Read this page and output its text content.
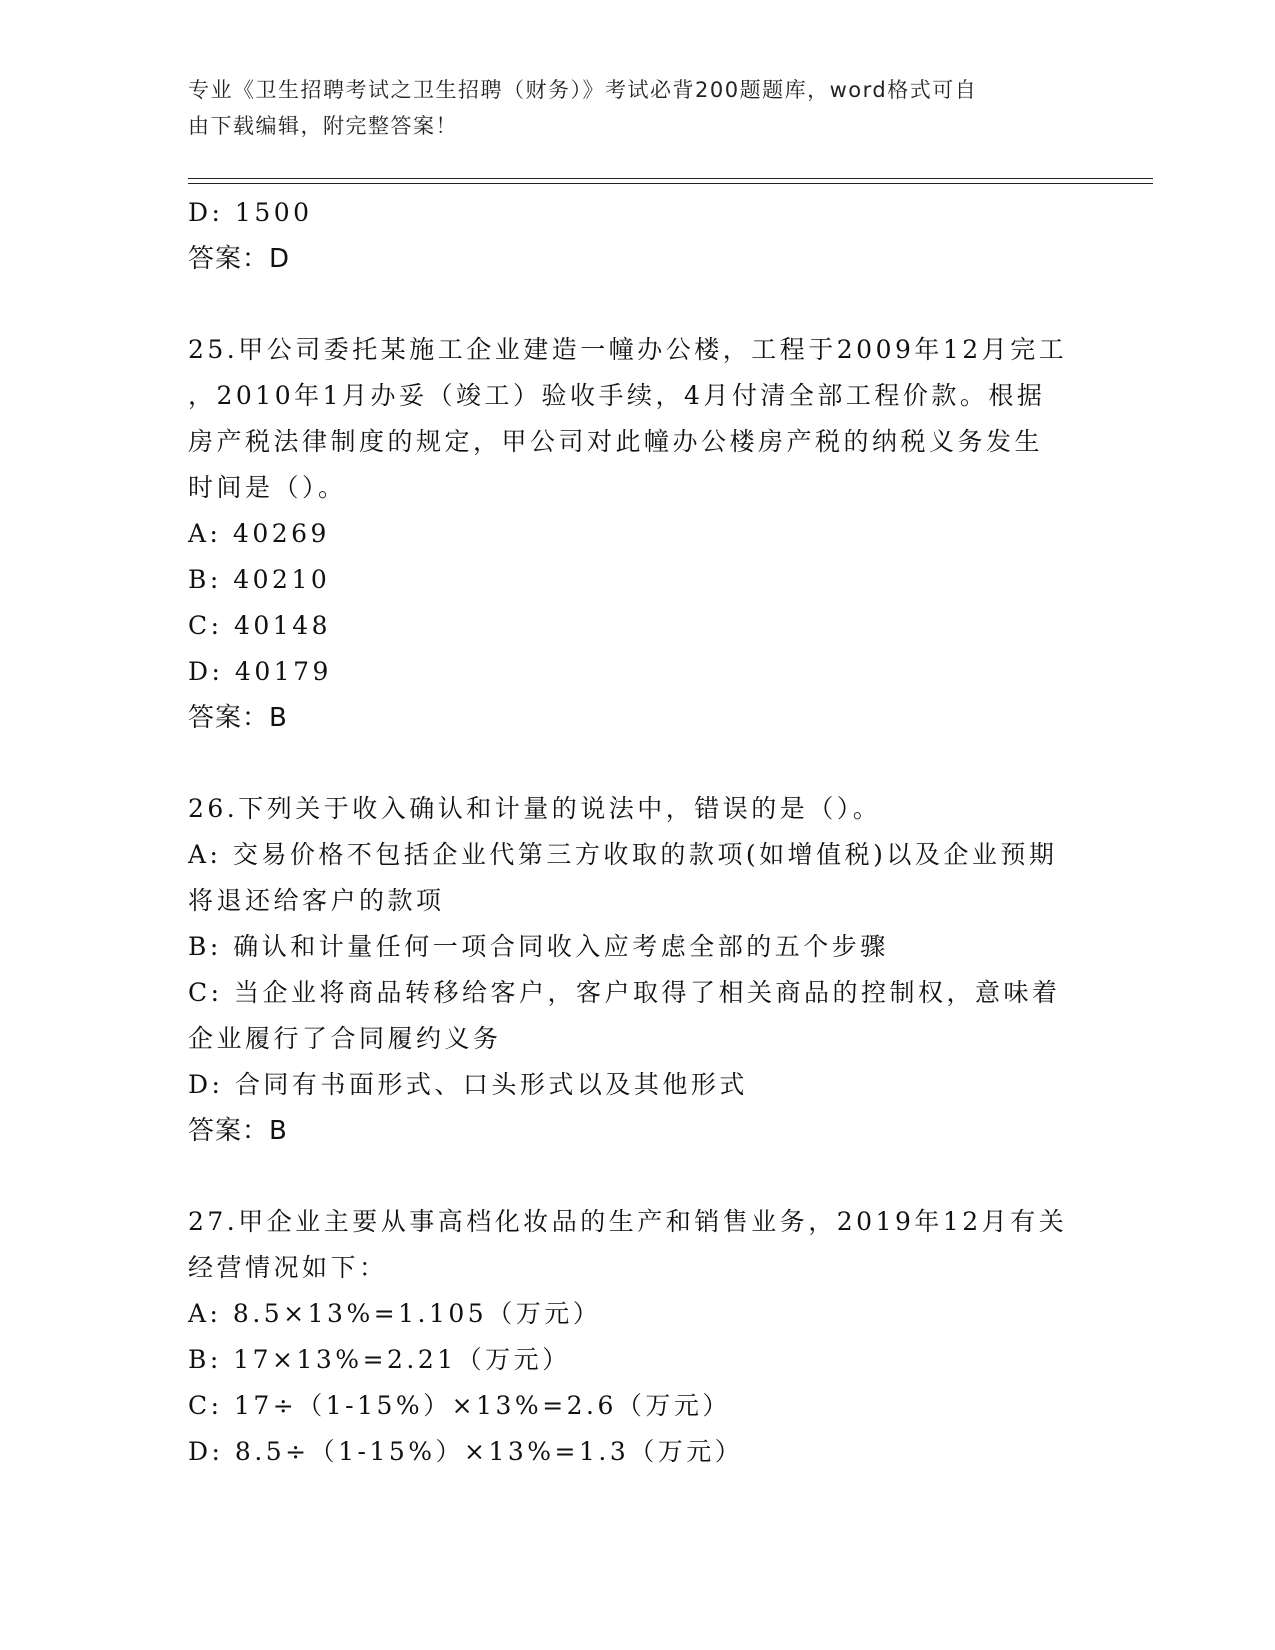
专业《卫生招聘考试之卫生招聘（财务）》考试必背200题题库，word格式可自
由下载编辑，附完整答案！
D: 1500
答案：D
25.甲公司委托某施工企业建造一幢办公楼，工程于2009年12月完工
，2010年1月办妥（竣工）验收手续，4月付清全部工程价款。根据
房产税法律制度的规定，甲公司对此幢办公楼房产税的纳税义务发生
时间是（）。
A: 40269
B: 40210
C: 40148
D: 40179
答案：B
26.下列关于收入确认和计量的说法中，错误的是（）。
A: 交易价格不包括企业代第三方收取的款项(如增值税)以及企业预期
将退还给客户的款项
B: 确认和计量任何一项合同收入应考虑全部的五个步骤
C: 当企业将商品转移给客户，客户取得了相关商品的控制权，意味着
企业履行了合同履约义务
D: 合同有书面形式、口头形式以及其他形式
答案：B
27.甲企业主要从事高档化妆品的生产和销售业务，2019年12月有关
经营情况如下：
A: 8.5×13%=1.105（万元）
B: 17×13%=2.21（万元）
C: 17÷（1-15%）×13%=2.6（万元）
D: 8.5÷（1-15%）×13%=1.3（万元）
